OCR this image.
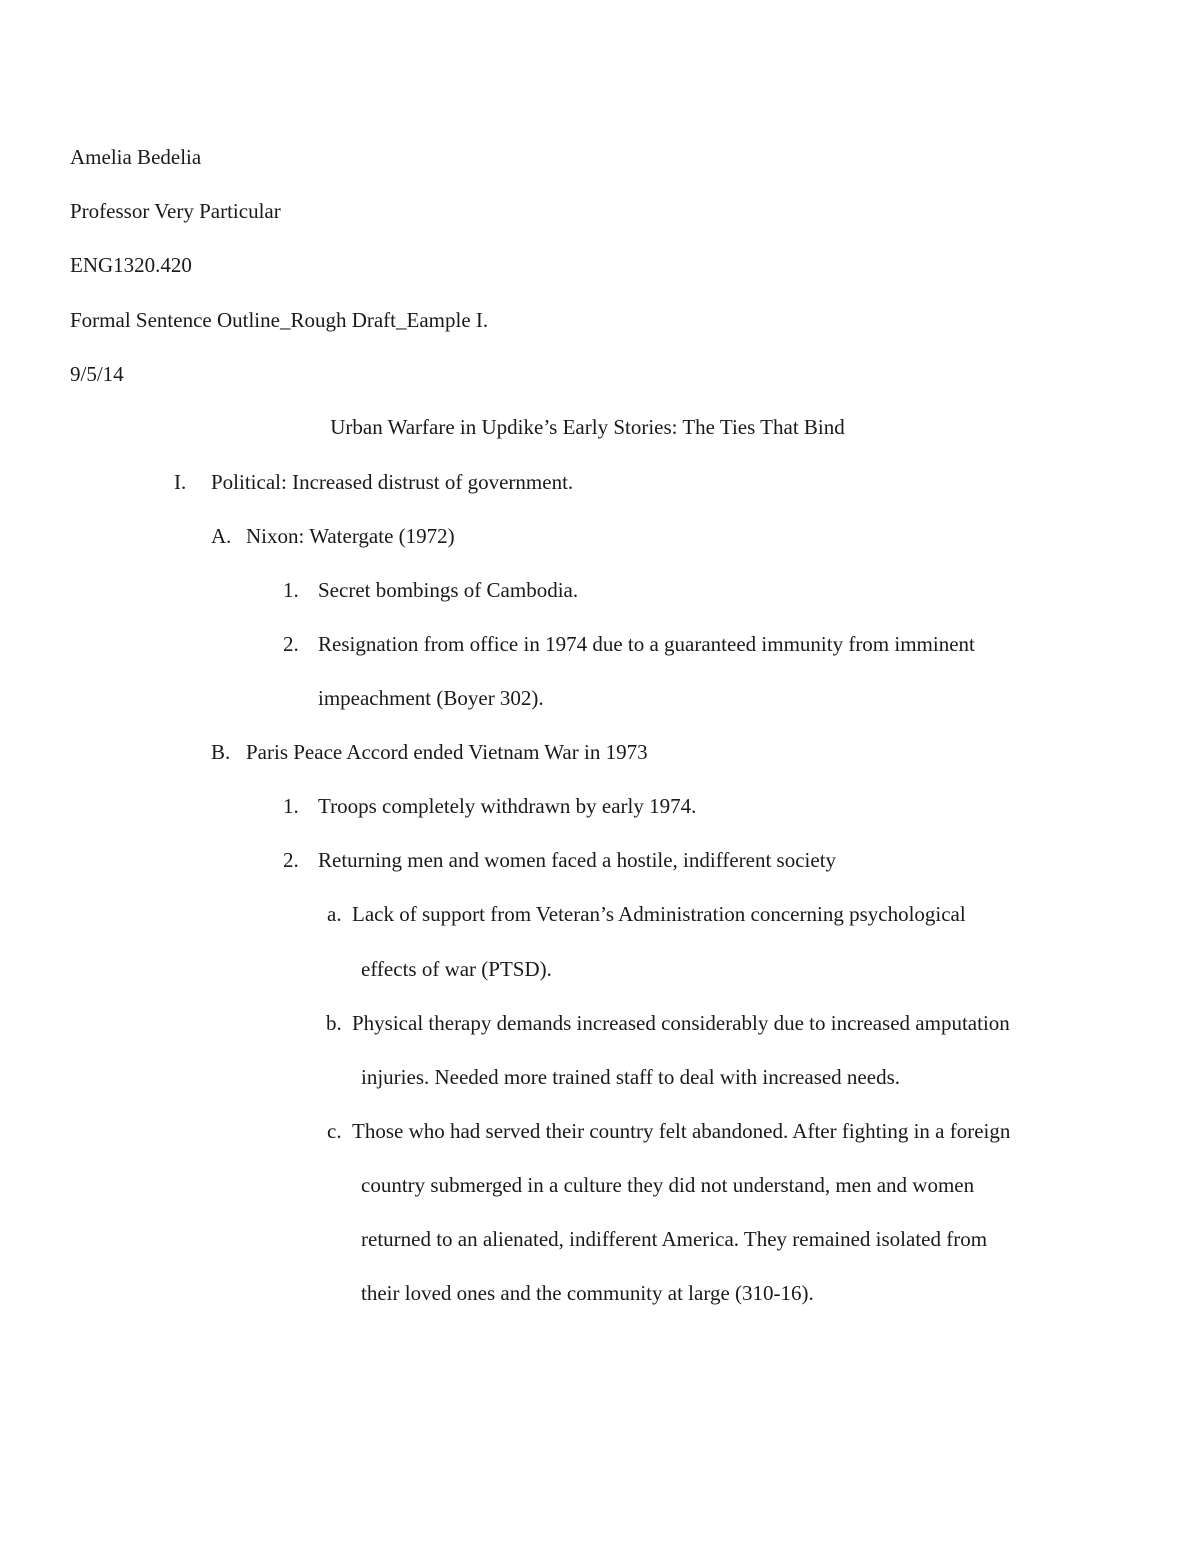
Amelia Bedelia
Professor Very Particular
ENG1320.420
Formal Sentence Outline_Rough Draft_Eample I.
9/5/14
Urban Warfare in Updike’s Early Stories: The Ties That Bind
I. Political: Increased distrust of government.
A. Nixon: Watergate (1972)
1. Secret bombings of Cambodia.
2. Resignation from office in 1974 due to a guaranteed immunity from imminent
impeachment (Boyer 302).
B. Paris Peace Accord ended Vietnam War in 1973
1. Troops completely withdrawn by early 1974.
2. Returning men and women faced a hostile, indifferent society
a. Lack of support from Veteran’s Administration concerning psychological
effects of war (PTSD).
b. Physical therapy demands increased considerably due to increased amputation
injuries. Needed more trained staff to deal with increased needs.
c. Those who had served their country felt abandoned. After fighting in a foreign
country submerged in a culture they did not understand, men and women
returned to an alienated, indifferent America. They remained isolated from
their loved ones and the community at large (310-16).
